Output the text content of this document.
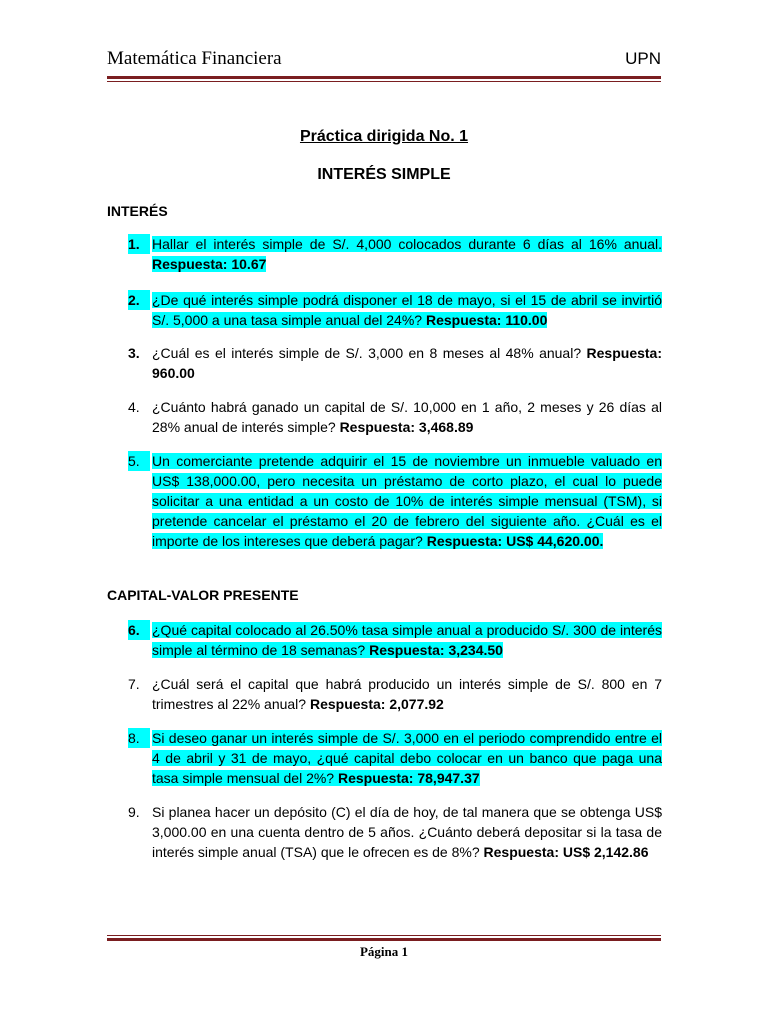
Matemática Financiera	UPN
Práctica dirigida No. 1
INTERÉS SIMPLE
INTERÉS
1. Hallar el interés simple de S/. 4,000 colocados durante 6 días al 16% anual. Respuesta: 10.67
2. ¿De qué interés simple podrá disponer el 18 de mayo, si el 15 de abril se invirtió S/. 5,000 a una tasa simple anual del 24%? Respuesta: 110.00
3. ¿Cuál es el interés simple de S/. 3,000 en 8 meses al 48% anual? Respuesta: 960.00
4. ¿Cuánto habrá ganado un capital de S/. 10,000 en 1 año, 2 meses y 26 días al 28% anual de interés simple? Respuesta: 3,468.89
5. Un comerciante pretende adquirir el 15 de noviembre un inmueble valuado en US$ 138,000.00, pero necesita un préstamo de corto plazo, el cual lo puede solicitar a una entidad a un costo de 10% de interés simple mensual (TSM), si pretende cancelar el préstamo el 20 de febrero del siguiente año. ¿Cuál es el importe de los intereses que deberá pagar? Respuesta: US$ 44,620.00.
CAPITAL-VALOR PRESENTE
6. ¿Qué capital colocado al 26.50% tasa simple anual a producido S/. 300 de interés simple al término de 18 semanas? Respuesta: 3,234.50
7. ¿Cuál será el capital que habrá producido un interés simple de S/. 800 en 7 trimestres al 22% anual? Respuesta: 2,077.92
8. Si deseo ganar un interés simple de S/. 3,000 en el periodo comprendido entre el 4 de abril y 31 de mayo, ¿qué capital debo colocar en un banco que paga una tasa simple mensual del 2%? Respuesta: 78,947.37
9. Si planea hacer un depósito (C) el día de hoy, de tal manera que se obtenga US$ 3,000.00 en una cuenta dentro de 5 años. ¿Cuánto deberá depositar si la tasa de interés simple anual (TSA) que le ofrecen es de 8%? Respuesta: US$ 2,142.86
Página 1
